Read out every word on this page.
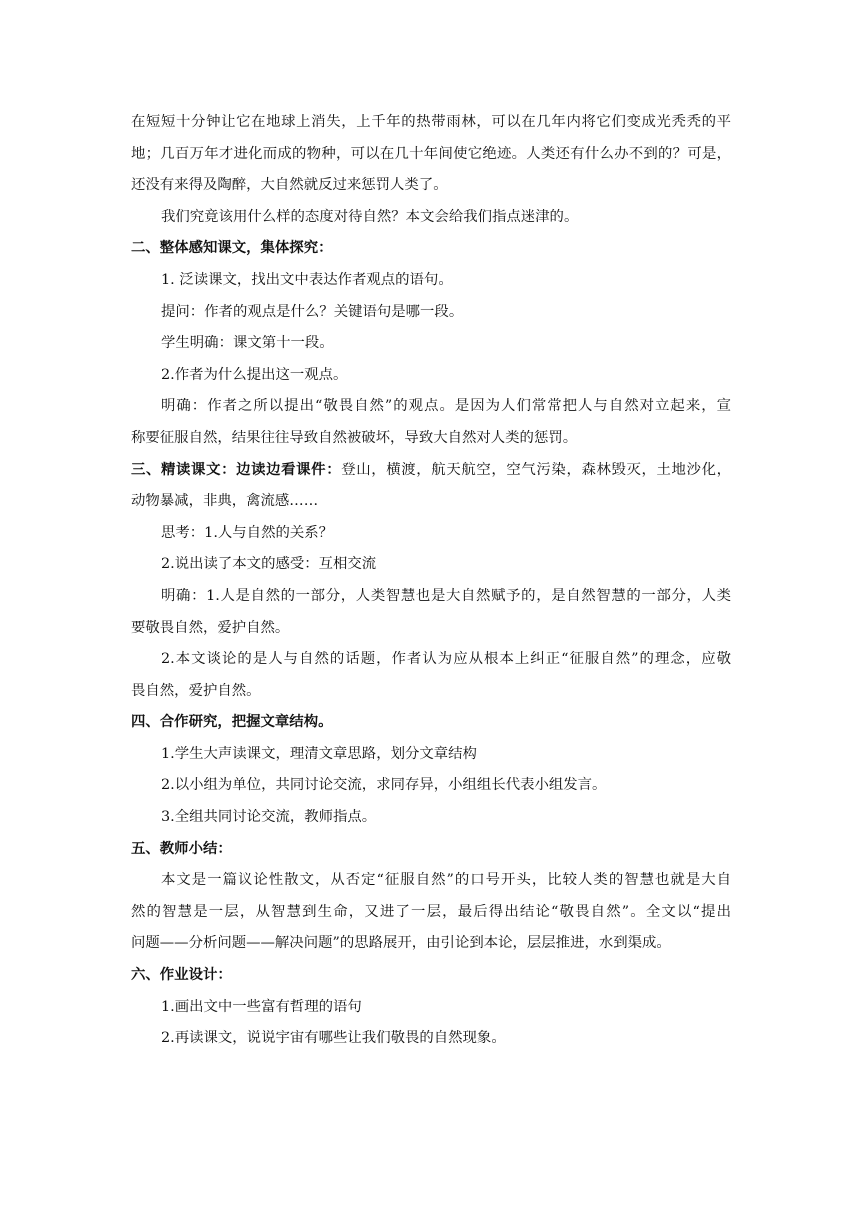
在短短十分钟让它在地球上消失，上千年的热带雨林，可以在几年内将它们变成光秃秃的平
地；几百万年才进化而成的物种，可以在几十年间使它绝迹。人类还有什么办不到的？可是，
还没有来得及陶醉，大自然就反过来惩罚人类了。
我们究竟该用什么样的态度对待自然？本文会给我们指点迷津的。
二、整体感知课文，集体探究：
1. 泛读课文，找出文中表达作者观点的语句。
提问：作者的观点是什么？关键语句是哪一段。
学生明确：课文第十一段。
2.作者为什么提出这一观点。
明确：作者之所以提出“敬畏自然”的观点。是因为人们常常把人与自然对立起来，宣
称要征服自然，结果往往导致自然被破坏，导致大自然对人类的惩罚。
三、精读课文：边读边看课件：登山，横渡，航天航空，空气污染，森林毁灭，土地沙化，
动物暴减，非典，禽流感……
思考：1.人与自然的关系？
2.说出读了本文的感受：互相交流
明确：1.人是自然的一部分，人类智慧也是大自然赋予的，是自然智慧的一部分，人类
要敬畏自然，爱护自然。
2.本文谈论的是人与自然的话题，作者认为应从根本上纠正“征服自然”的理念，应敬
畏自然，爱护自然。
四、合作研究，把握文章结构。
1.学生大声读课文，理清文章思路，划分文章结构
2.以小组为单位，共同讨论交流，求同存异，小组组长代表小组发言。
3.全组共同讨论交流，教师指点。
五、教师小结：
本文是一篇议论性散文，从否定“征服自然”的口号开头，比较人类的智慧也就是大自
然的智慧是一层，从智慧到生命，又进了一层，最后得出结论“敬畏自然”。全文以“提出
问题——分析问题——解决问题”的思路展开，由引论到本论，层层推进，水到渠成。
六、作业设计：
1.画出文中一些富有哲理的语句
2.再读课文，说说宇宙有哪些让我们敬畏的自然现象。
